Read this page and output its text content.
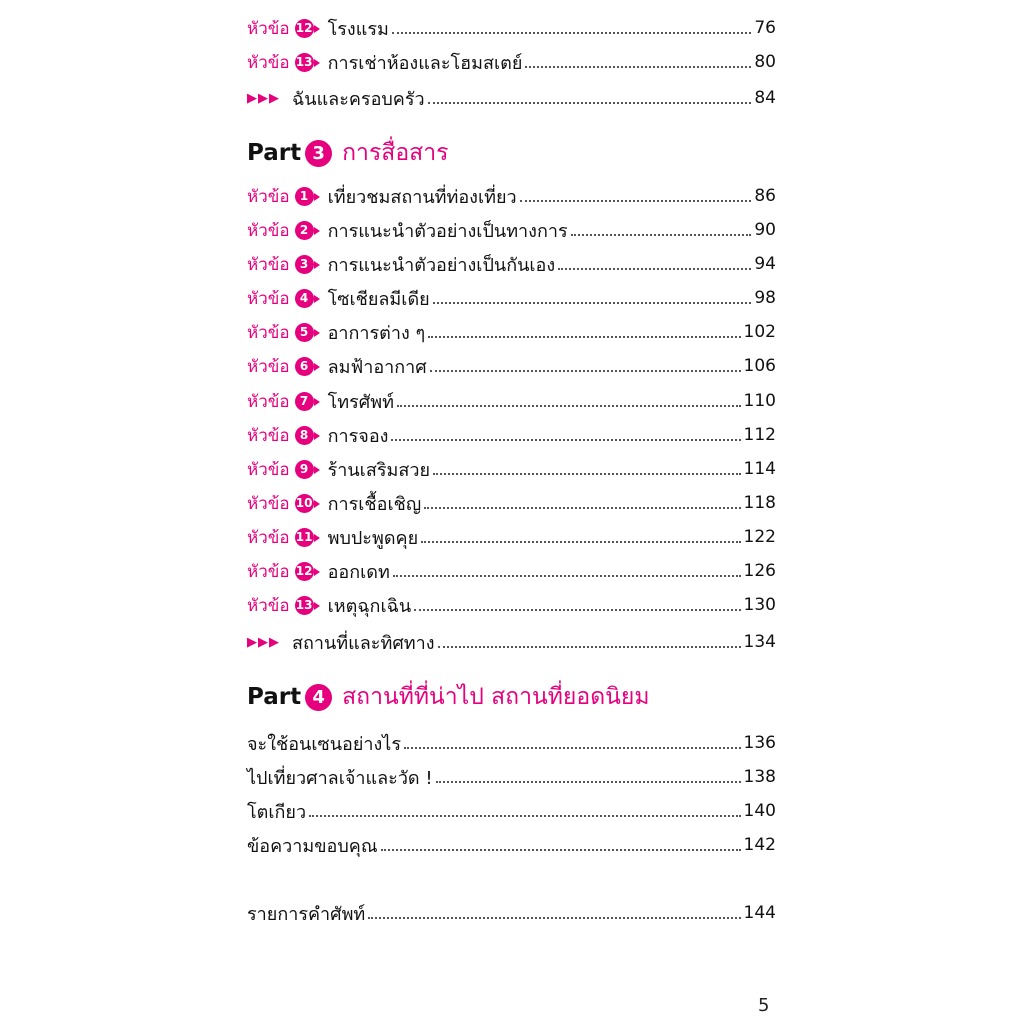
หัวข้อ 12 โรงแรม	76
หัวข้อ 13 การเช่าห้องและโฮมสเตย์	80
▶▶▶ ฉันและครอบครัว	84
Part 3 การสื่อสาร
หัวข้อ 1 เที่ยวชมสถานที่ท่องเที่ยว	86
หัวข้อ 2 การแนะนำตัวอย่างเป็นทางการ	90
หัวข้อ 3 การแนะนำตัวอย่างเป็นกันเอง	94
หัวข้อ 4 โซเชียลมีเดีย	98
หัวข้อ 5 อาการต่าง ๆ	102
หัวข้อ 6 ลมฟ้าอากาศ	106
หัวข้อ 7 โทรศัพท์	110
หัวข้อ 8 การจอง	112
หัวข้อ 9 ร้านเสริมสวย	114
หัวข้อ 10 การเชื้อเชิญ	118
หัวข้อ 11 พบปะพูดคุย	122
หัวข้อ 12 ออกเดท	126
หัวข้อ 13 เหตุฉุกเฉิน	130
▶▶▶ สถานที่และทิศทาง	134
Part 4 สถานที่ที่น่าไป สถานที่ยอดนิยม
จะใช้อนเซนอย่างไร	136
ไปเที่ยวศาลเจ้าและวัด !	138
โตเกียว	140
ข้อความขอบคุณ	142
รายการคำศัพท์	144
5
